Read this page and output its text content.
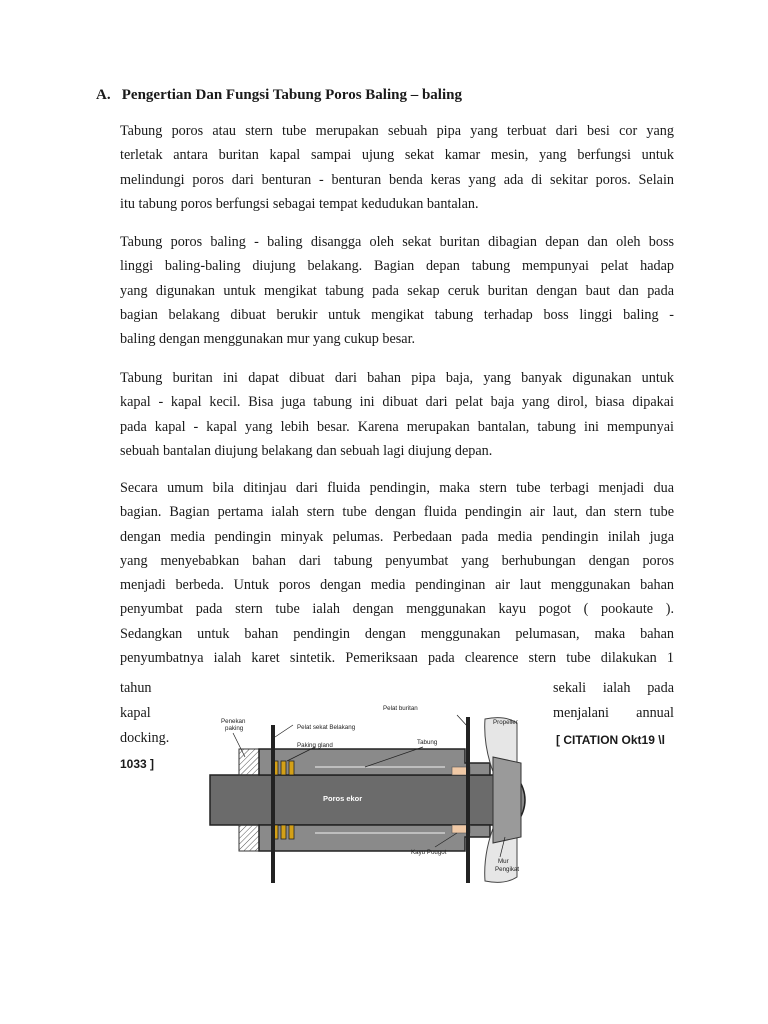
A. Pengertian Dan Fungsi Tabung Poros Baling – baling
Tabung poros atau stern tube merupakan sebuah pipa yang terbuat dari besi cor yang
terletak antara buritan kapal sampai ujung sekat kamar mesin, yang berfungsi untuk
melindungi poros dari benturan - benturan benda keras yang ada di sekitar poros. Selain
itu tabung poros berfungsi sebagai tempat kedudukan bantalan.
Tabung poros baling - baling disangga oleh sekat buritan dibagian depan dan oleh boss
linggi baling-baling diujung belakang. Bagian depan tabung mempunyai pelat hadap
yang digunakan untuk mengikat tabung pada sekap ceruk buritan dengan baut dan pada
bagian belakang dibuat berukir untuk mengikat tabung terhadap boss linggi baling -
baling dengan menggunakan mur yang cukup besar.
Tabung buritan ini dapat dibuat dari bahan pipa baja, yang banyak digunakan untuk
kapal - kapal kecil. Bisa juga tabung ini dibuat dari pelat baja yang dirol, biasa dipakai
pada kapal - kapal yang lebih besar. Karena merupakan bantalan, tabung ini mempunyai
sebuah bantalan diujung belakang dan sebuah lagi diujung depan.
Secara umum bila ditinjau dari fluida pendingin, maka stern tube terbagi menjadi dua
bagian. Bagian pertama ialah stern tube dengan fluida pendingin air laut, dan stern tube
dengan media pendingin minyak pelumas. Perbedaan pada media pendingin inilah juga
yang menyebabkan bahan dari tabung penyumbat yang berhubungan dengan poros
menjadi berbeda. Untuk poros dengan media pendinginan air laut menggunakan bahan
penyumbat pada stern tube ialah dengan menggunakan kayu pogot ( pookaute ).
Sedangkan untuk bahan pendingin dengan menggunakan pelumasan, maka bahan
penyumbatnya ialah karet sintetik. Pemeriksaan pada clearence stern tube dilakukan 1
tahun
kapal
docking.
sekali ialah pada
menjalani annual
[ CITATION Okt19 \l
1033 ]
Penekan
paking	Pelat sekat Belakang
Pelat buritan
Propeller
Paking gland	Tabung
Poros ekor
Kayu Pougot
Mur
Pengikat
